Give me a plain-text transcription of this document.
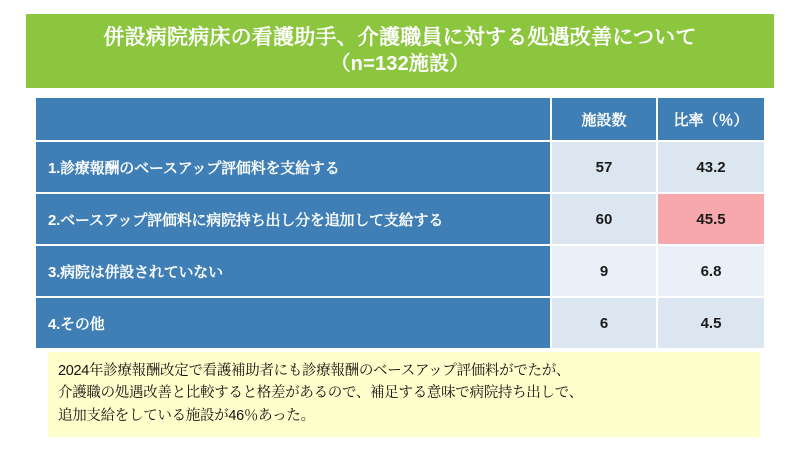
併設病院病床の看護助手、介護職員に対する処遇改善について
（n=132施設）
	施設数	比率（％）
1.診療報酬のベースアップ評価料を支給する	57	43.2
2.ベースアップ評価料に病院持ち出し分を追加して支給する	60	45.5
3.病院は併設されていない	9	6.8
4.その他	6	4.5
2024年診療報酬改定で看護補助者にも診療報酬のベースアップ評価料がでたが、
介護職の処遇改善と比較すると格差があるので、補足する意味で病院持ち出しで、
追加支給をしている施設が46％あった。
